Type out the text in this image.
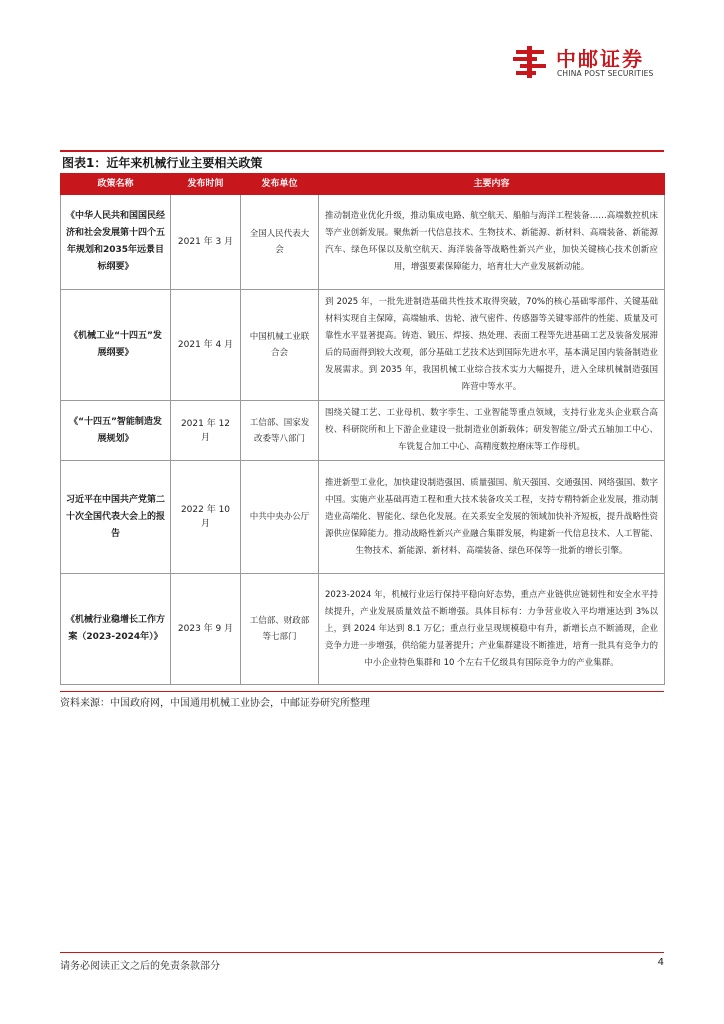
中邮证券
CHINA POST SECURITIES
图表1：近年来机械行业主要相关政策
政策名称	发布时间	发布单位	主要内容
《中华人民共和国国民经济和社会发展第十四个五年规划和2035年远景目标纲要》	2021 年 3 月	全国人民代表大会	推动制造业优化升级，推动集成电路、航空航天、船舶与海洋工程装备……高端数控机床等产业创新发展。聚焦新一代信息技术、生物技术、新能源、新材料、高端装备、新能源汽车、绿色环保以及航空航天、海洋装备等战略性新兴产业，加快关键核心技术创新应用，增强要素保障能力，培育壮大产业发展新动能。
《机械工业“十四五”发展纲要》	2021 年 4 月	中国机械工业联合会	到 2025 年，一批先进制造基础共性技术取得突破，70%的核心基础零部件、关键基础材料实现自主保障，高端轴承、齿轮、液气密件、传感器等关键零部件的性能、质量及可靠性水平显著提高。铸造、锻压、焊接、热处理、表面工程等先进基础工艺及装备发展滞后的局面得到较大改观，部分基础工艺技术达到国际先进水平，基本满足国内装备制造业发展需求。到 2035 年，我国机械工业综合技术实力大幅提升，进入全球机械制造强国阵营中等水平。
《“十四五”智能制造发展规划》	2021 年 12 月	工信部、国家发改委等八部门	围绕关键工艺、工业母机、数字孪生、工业智能等重点领域，支持行业龙头企业联合高校、科研院所和上下游企业建设一批制造业创新载体；研发智能立/卧式五轴加工中心、车铣复合加工中心、高精度数控磨床等工作母机。
习近平在中国共产党第二十次全国代表大会上的报告	2022 年 10 月	中共中央办公厅	推进新型工业化，加快建设制造强国、质量强国、航天强国、交通强国、网络强国、数字中国。实施产业基础再造工程和重大技术装备攻关工程，支持专精特新企业发展，推动制造业高端化、智能化、绿色化发展。在关系安全发展的领域加快补齐短板，提升战略性资源供应保障能力。推动战略性新兴产业融合集群发展，构建新一代信息技术、人工智能、生物技术、新能源、新材料、高端装备、绿色环保等一批新的增长引擎。
《机械行业稳增长工作方案（2023-2024年）》	2023 年 9 月	工信部、财政部等七部门	2023-2024 年，机械行业运行保持平稳向好态势，重点产业链供应链韧性和安全水平持续提升，产业发展质量效益不断增强。具体目标有：力争营业收入平均增速达到 3%以上，到 2024 年达到 8.1 万亿；重点行业呈现规模稳中有升，新增长点不断涌现，企业竞争力进一步增强，供给能力显著提升；产业集群建设不断推进，培育一批具有竞争力的中小企业特色集群和 10 个左右千亿级具有国际竞争力的产业集群。
资料来源：中国政府网，中国通用机械工业协会，中邮证券研究所整理
请务必阅读正文之后的免责条款部分	4
